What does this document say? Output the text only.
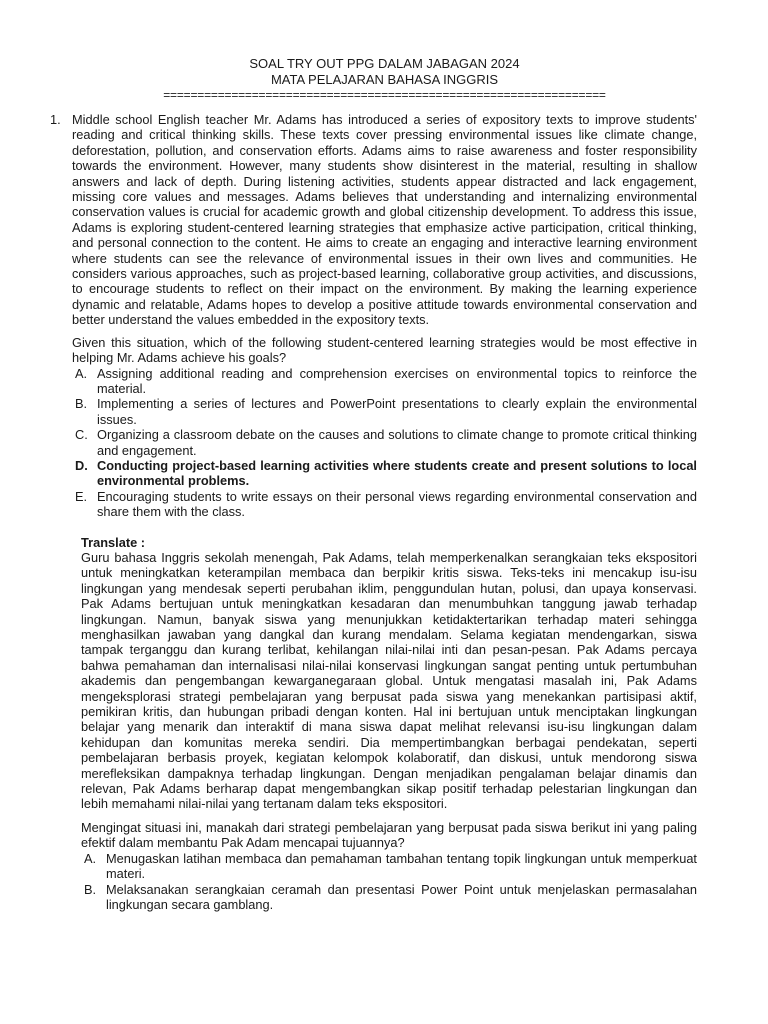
SOAL TRY OUT PPG DALAM JABAGAN 2024
MATA PELAJARAN BAHASA INGGRIS
=================================================================
1. Middle school English teacher Mr. Adams has introduced a series of expository texts to improve students' reading and critical thinking skills. These texts cover pressing environmental issues like climate change, deforestation, pollution, and conservation efforts. Adams aims to raise awareness and foster responsibility towards the environment. However, many students show disinterest in the material, resulting in shallow answers and lack of depth. During listening activities, students appear distracted and lack engagement, missing core values and messages. Adams believes that understanding and internalizing environmental conservation values is crucial for academic growth and global citizenship development. To address this issue, Adams is exploring student-centered learning strategies that emphasize active participation, critical thinking, and personal connection to the content. He aims to create an engaging and interactive learning environment where students can see the relevance of environmental issues in their own lives and communities. He considers various approaches, such as project-based learning, collaborative group activities, and discussions, to encourage students to reflect on their impact on the environment. By making the learning experience dynamic and relatable, Adams hopes to develop a positive attitude towards environmental conservation and better understand the values embedded in the expository texts.
Given this situation, which of the following student-centered learning strategies would be most effective in helping Mr. Adams achieve his goals?
A. Assigning additional reading and comprehension exercises on environmental topics to reinforce the material.
B. Implementing a series of lectures and PowerPoint presentations to clearly explain the environmental issues.
C. Organizing a classroom debate on the causes and solutions to climate change to promote critical thinking and engagement.
D. Conducting project-based learning activities where students create and present solutions to local environmental problems.
E. Encouraging students to write essays on their personal views regarding environmental conservation and share them with the class.
Translate :
Guru bahasa Inggris sekolah menengah, Pak Adams, telah memperkenalkan serangkaian teks ekspositori untuk meningkatkan keterampilan membaca dan berpikir kritis siswa. Teks-teks ini mencakup isu-isu lingkungan yang mendesak seperti perubahan iklim, penggundulan hutan, polusi, dan upaya konservasi. Pak Adams bertujuan untuk meningkatkan kesadaran dan menumbuhkan tanggung jawab terhadap lingkungan. Namun, banyak siswa yang menunjukkan ketidaktertarikan terhadap materi sehingga menghasilkan jawaban yang dangkal dan kurang mendalam. Selama kegiatan mendengarkan, siswa tampak terganggu dan kurang terlibat, kehilangan nilai-nilai inti dan pesan-pesan. Pak Adams percaya bahwa pemahaman dan internalisasi nilai-nilai konservasi lingkungan sangat penting untuk pertumbuhan akademis dan pengembangan kewarganegaraan global. Untuk mengatasi masalah ini, Pak Adams mengeksplorasi strategi pembelajaran yang berpusat pada siswa yang menekankan partisipasi aktif, pemikiran kritis, dan hubungan pribadi dengan konten. Hal ini bertujuan untuk menciptakan lingkungan belajar yang menarik dan interaktif di mana siswa dapat melihat relevansi isu-isu lingkungan dalam kehidupan dan komunitas mereka sendiri. Dia mempertimbangkan berbagai pendekatan, seperti pembelajaran berbasis proyek, kegiatan kelompok kolaboratif, dan diskusi, untuk mendorong siswa merefleksikan dampaknya terhadap lingkungan. Dengan menjadikan pengalaman belajar dinamis dan relevan, Pak Adams berharap dapat mengembangkan sikap positif terhadap pelestarian lingkungan dan lebih memahami nilai-nilai yang tertanam dalam teks ekspositori.
Mengingat situasi ini, manakah dari strategi pembelajaran yang berpusat pada siswa berikut ini yang paling efektif dalam membantu Pak Adam mencapai tujuannya?
A. Menugaskan latihan membaca dan pemahaman tambahan tentang topik lingkungan untuk memperkuat materi.
B. Melaksanakan serangkaian ceramah dan presentasi Power Point untuk menjelaskan permasalahan lingkungan secara gamblang.
